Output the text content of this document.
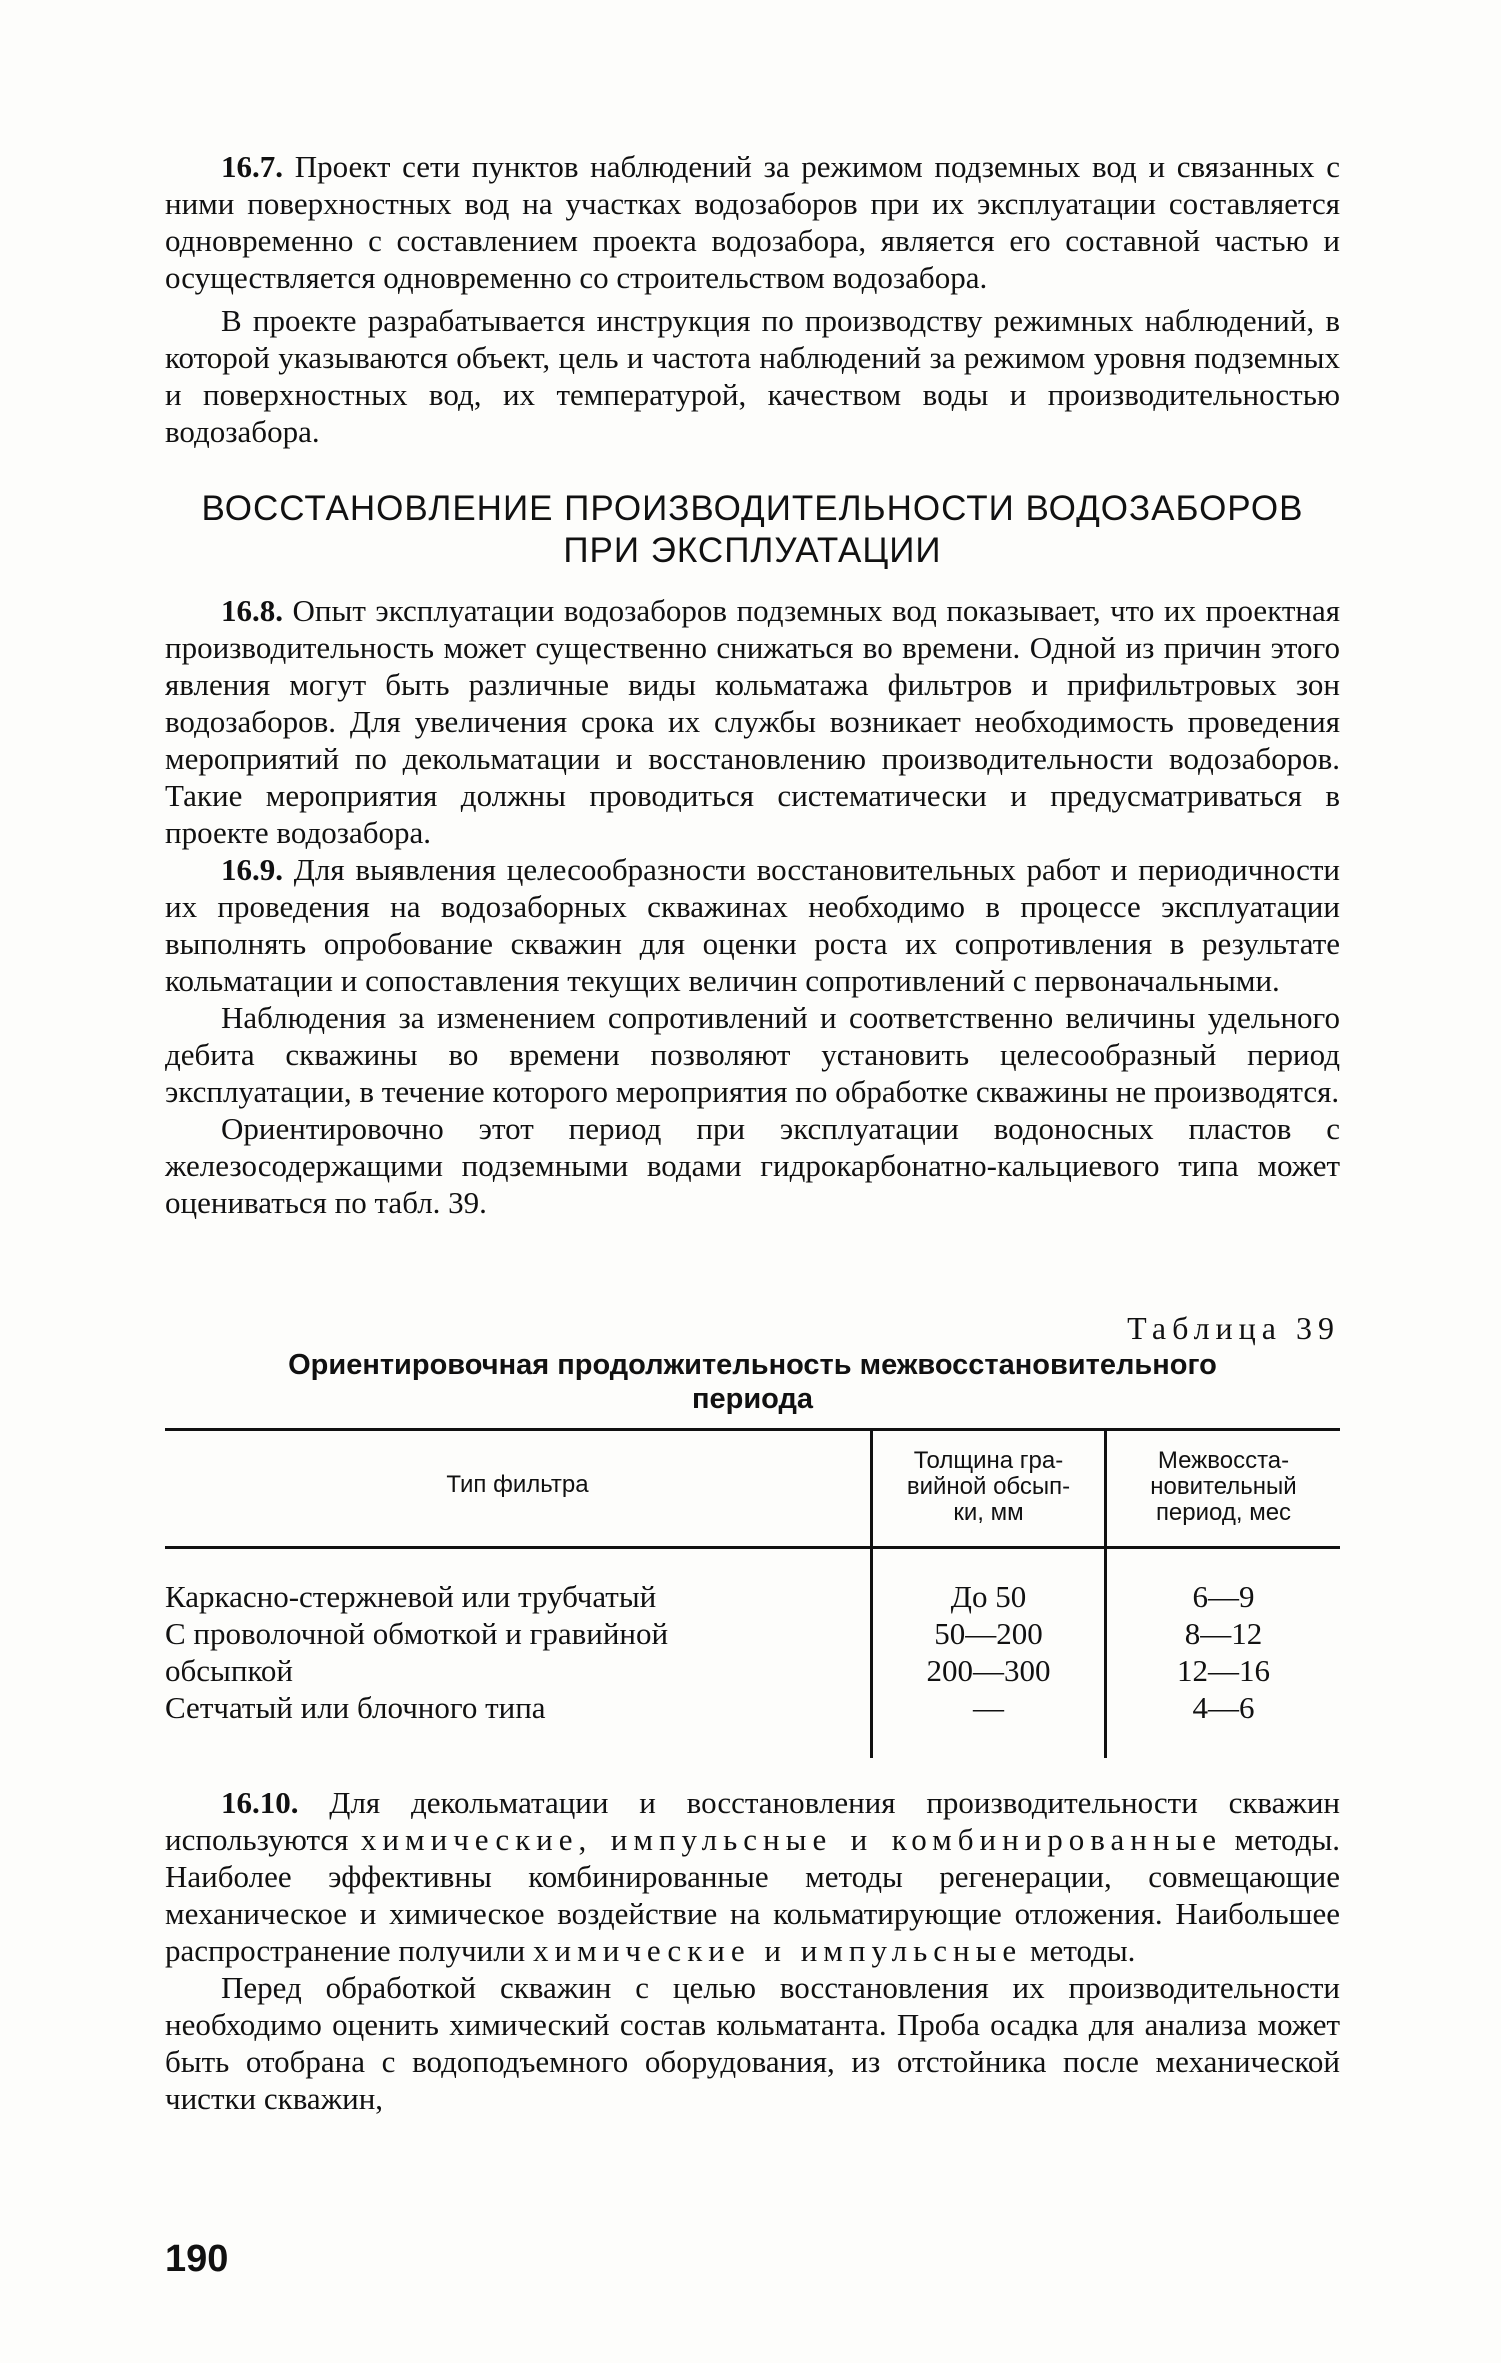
16.7. Проект сети пунктов наблюдений за режимом подземных вод и связанных с ними поверхностных вод на участках водозаборов при их эксплуатации составляется одновременно с составлением проекта водозабора, является его составной частью и осуществляется одновременно со строительством водозабора.

В проекте разрабатывается инструкция по производству режимных наблюдений, в которой указываются объект, цель и частота наблюдений за режимом уровня подземных и поверхностных вод, их температурой, качеством воды и производительностью водозабора.

ВОССТАНОВЛЕНИЕ ПРОИЗВОДИТЕЛЬНОСТИ ВОДОЗАБОРОВ
ПРИ ЭКСПЛУАТАЦИИ

16.8. Опыт эксплуатации водозаборов подземных вод показывает, что их проектная производительность может существенно снижаться во времени. Одной из причин этого явления могут быть различные виды кольматажа фильтров и прифильтровых зон водозаборов. Для увеличения срока их службы возникает необходимость проведения мероприятий по декольматации и восстановлению производительности водозаборов. Такие мероприятия должны проводиться систематически и предусматриваться в проекте водозабора.

16.9. Для выявления целесообразности восстановительных работ и периодичности их проведения на водозаборных скважинах необходимо в процессе эксплуатации выполнять опробование скважин для оценки роста их сопротивления в результате кольматации и сопоставления текущих величин сопротивлений с первоначальными.

Наблюдения за изменением сопротивлений и соответственно величины удельного дебита скважины во времени позволяют установить целесообразный период эксплуатации, в течение которого мероприятия по обработке скважины не производятся.

Ориентировочно этот период при эксплуатации водоносных пластов с железосодержащими подземными водами гидрокарбонатно-кальциевого типа может оцениваться по табл. 39.

Таблица 39
Ориентировочная продолжительность межвосстановительного
периода
Тип фильтра
Толщина гра-
вийной обсып-
ки, мм
Межвосста-
новительный
период, мес
Каркасно-стержневой или трубчатый
С проволочной обмоткой и гравийной
обсыпкой
Сетчатый или блочного типа
До 50
50—200
200—300
—
6—9
8—12
12—16
4—6

16.10. Для декольматации и восстановления производительности скважин используются химические, импульсные и комбинированные методы. Наиболее эффективны комбинированные методы регенерации, совмещающие механическое и химическое воздействие на кольматирующие отложения. Наибольшее распространение получили химические и импульсные методы.

Перед обработкой скважин с целью восстановления их производительности необходимо оценить химический состав кольматанта. Проба осадка для анализа может быть отобрана с водоподъемного оборудования, из отстойника после механической чистки скважин,

190
